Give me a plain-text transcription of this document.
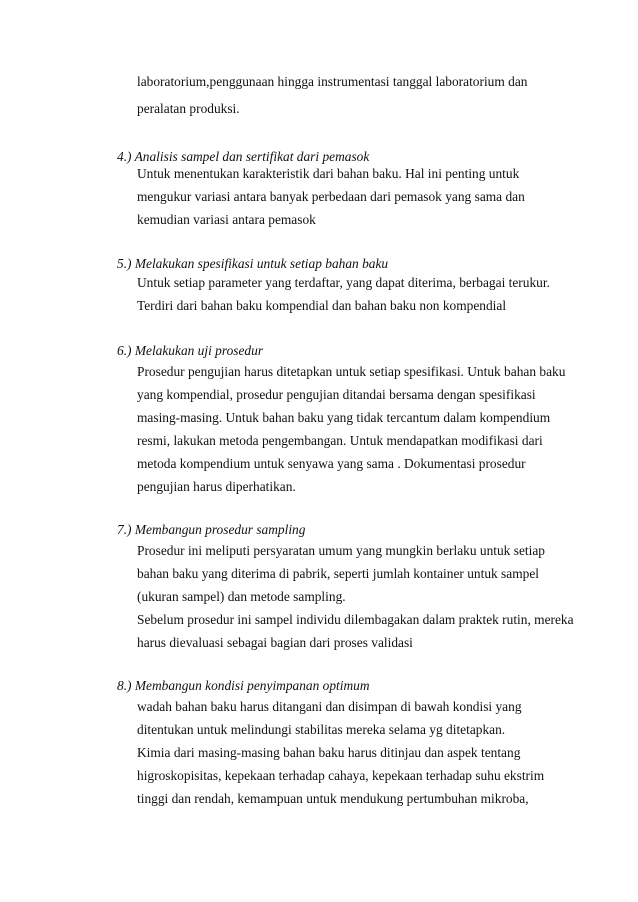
laboratorium,penggunaan hingga instrumentasi tanggal laboratorium dan
peralatan produksi.
4.) Analisis sampel dan sertifikat dari pemasok
Untuk menentukan karakteristik dari bahan baku. Hal ini penting untuk
mengukur variasi antara banyak perbedaan dari pemasok yang sama dan
kemudian variasi antara pemasok
5.) Melakukan spesifikasi untuk setiap bahan baku
Untuk setiap parameter yang terdaftar, yang dapat diterima, berbagai terukur.
Terdiri dari bahan baku kompendial dan bahan baku non kompendial
6.) Melakukan uji prosedur
Prosedur pengujian harus ditetapkan untuk setiap spesifikasi. Untuk bahan baku
yang kompendial, prosedur pengujian ditandai bersama dengan spesifikasi
masing-masing. Untuk bahan baku yang tidak tercantum dalam kompendium
resmi, lakukan metoda pengembangan. Untuk mendapatkan modifikasi dari
metoda kompendium untuk senyawa yang sama . Dokumentasi prosedur
pengujian harus diperhatikan.
7.) Membangun prosedur sampling
Prosedur ini meliputi persyaratan umum yang mungkin berlaku untuk setiap
bahan baku yang diterima di pabrik, seperti jumlah kontainer untuk sampel
(ukuran sampel) dan metode sampling.
Sebelum prosedur ini sampel individu dilembagakan dalam praktek rutin, mereka
harus dievaluasi sebagai bagian dari proses validasi
8.) Membangun kondisi penyimpanan optimum
wadah bahan baku harus ditangani dan disimpan di bawah kondisi yang
ditentukan untuk melindungi stabilitas mereka selama yg ditetapkan.
Kimia dari masing-masing bahan baku harus ditinjau dan aspek tentang
higroskopisitas, kepekaan terhadap cahaya, kepekaan terhadap suhu ekstrim
tinggi dan rendah, kemampuan untuk mendukung pertumbuhan mikroba,
